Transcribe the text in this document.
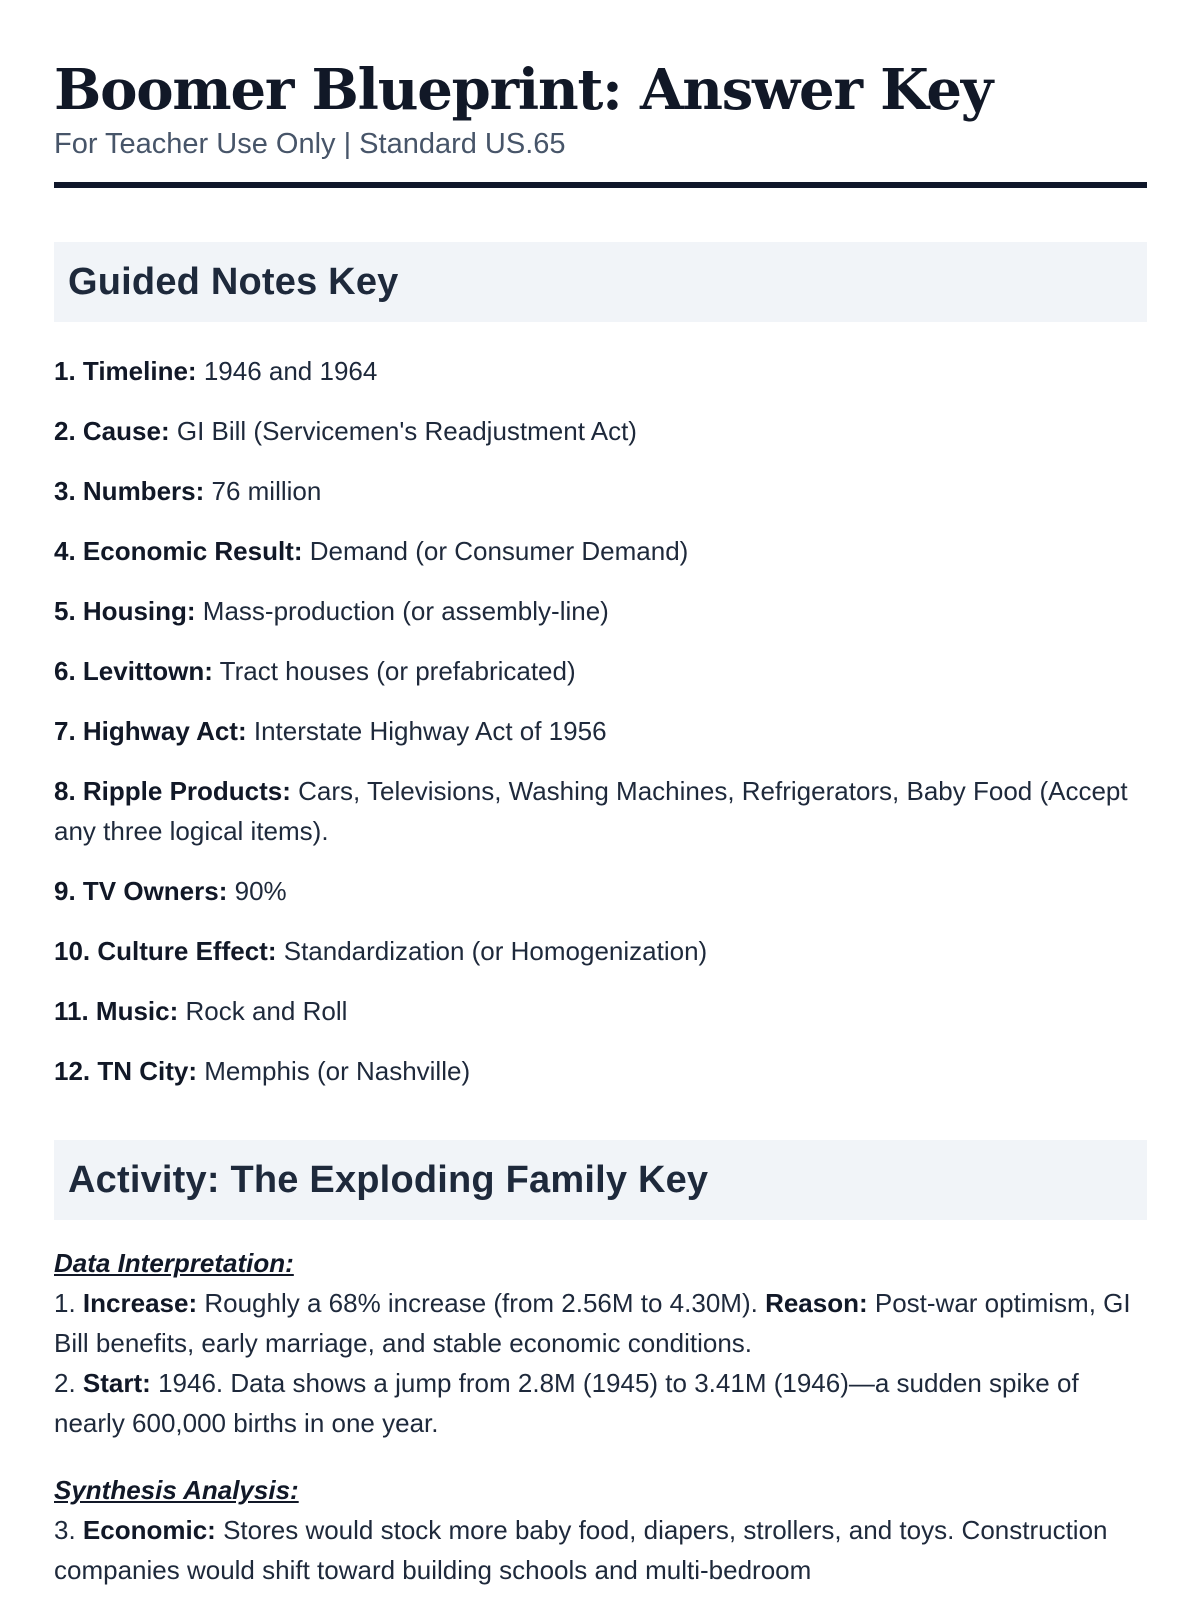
Boomer Blueprint: Answer Key
For Teacher Use Only | Standard US.65
Guided Notes Key
1. Timeline: 1946 and 1964
2. Cause: GI Bill (Servicemen's Readjustment Act)
3. Numbers: 76 million
4. Economic Result: Demand (or Consumer Demand)
5. Housing: Mass-production (or assembly-line)
6. Levittown: Tract houses (or prefabricated)
7. Highway Act: Interstate Highway Act of 1956
8. Ripple Products: Cars, Televisions, Washing Machines, Refrigerators, Baby Food (Accept any three logical items).
9. TV Owners: 90%
10. Culture Effect: Standardization (or Homogenization)
11. Music: Rock and Roll
12. TN City: Memphis (or Nashville)
Activity: The Exploding Family Key
Data Interpretation:

1. Increase: Roughly a 68% increase (from 2.56M to 4.30M). Reason: Post-war optimism, GI Bill benefits, early marriage, and stable economic conditions.

2. Start: 1946. Data shows a jump from 2.8M (1945) to 3.41M (1946)—a sudden spike of nearly 600,000 births in one year.

Synthesis Analysis:

3. Economic: Stores would stock more baby food, diapers, strollers, and toys. Construction companies would shift toward building schools and multi-bedroom
